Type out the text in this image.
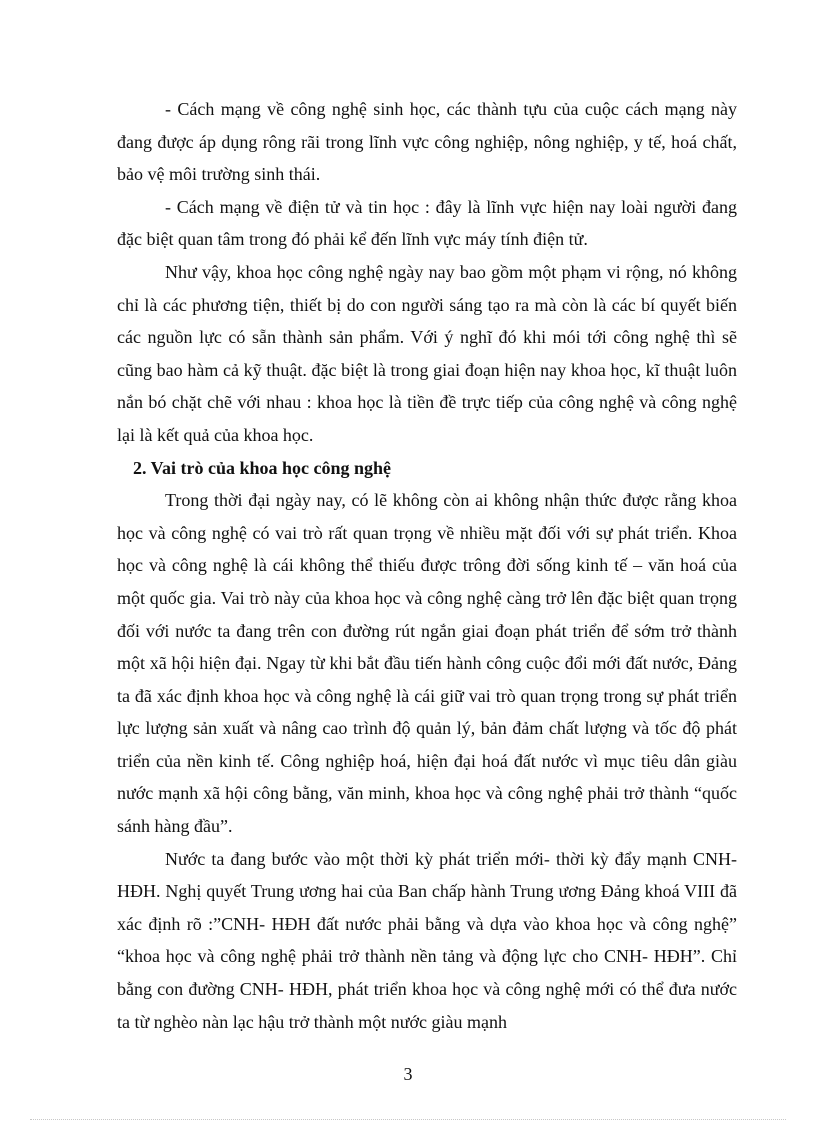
- Cách mạng về công nghệ sinh học, các thành tựu của cuộc cách mạng này đang được áp dụng rông rãi trong lĩnh vực công nghiệp, nông nghiệp, y tế, hoá chất, bảo vệ môi trường sinh thái.

- Cách mạng về điện tử và tin học : đây là lĩnh vực hiện nay loài người đang đặc biệt quan tâm trong đó phải kể đến lĩnh vực máy tính điện tử.

Như vậy, khoa học công nghệ ngày nay bao gồm một phạm vi rộng, nó không chỉ là các phương tiện, thiết bị do con người sáng tạo ra mà còn là các bí quyết biến các nguồn lực có sẵn thành sản phẩm. Với ý nghĩ đó khi mói tới công nghệ thì sẽ cũng bao hàm cả kỹ thuật. đặc biệt là trong giai đoạn hiện nay khoa học, kĩ thuật luôn nắn bó chặt chẽ với nhau : khoa học là tiền đề trực tiếp của công nghệ và công nghệ lại là kết quả của khoa học.

2. Vai trò của khoa học công nghệ

Trong thời đại ngày nay, có lẽ không còn ai không nhận thức được rằng khoa học và công nghệ có vai trò rất quan trọng về nhiều mặt đối với sự phát triển. Khoa học và công nghệ là cái không thể thiếu được trông đời sống kinh tế – văn hoá của một quốc gia. Vai trò này của khoa học và công nghệ càng trở lên đặc biệt quan trọng đối với nước ta đang trên con đường rút ngắn giai đoạn phát triển để sớm trở thành một xã hội hiện đại. Ngay từ khi bắt đầu tiến hành công cuộc đổi mới đất nước, Đảng ta đã xác định khoa học và công nghệ là cái giữ vai trò quan trọng trong sự phát triển lực lượng sản xuất và nâng cao trình độ quản lý, bản đảm chất lượng và tốc độ phát triển của nền kinh tế. Công nghiệp hoá, hiện đại hoá đất nước vì mục tiêu dân giàu nước mạnh xã hội công bằng, văn minh, khoa học và công nghệ phải trở thành “quốc sánh hàng đầu”.

Nước ta đang bước vào một thời kỳ phát triển mới- thời kỳ đẩy mạnh CNH- HĐH. Nghị quyết Trung ương hai của Ban chấp hành Trung ương Đảng khoá VIII đã xác định rõ :”CNH- HĐH đất nước phải bằng và dựa vào khoa học và công nghệ” “khoa học và công nghệ phải trở thành nền tảng và động lực cho CNH- HĐH”. Chỉ bằng con đường CNH- HĐH, phát triển khoa học và công nghệ mới có thể đưa nước ta từ nghèo nàn lạc hậu trở thành một nước giàu mạnh

3
